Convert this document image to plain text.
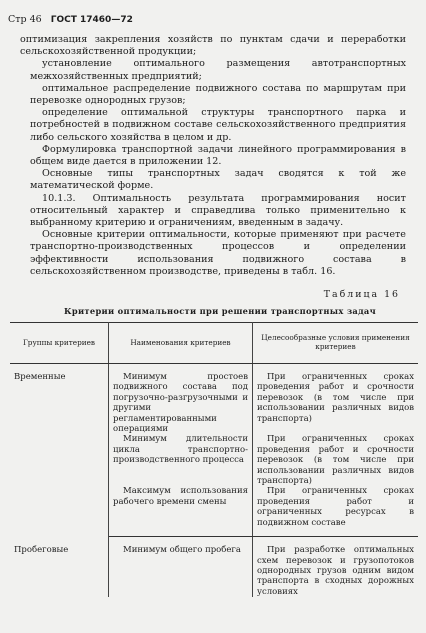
Стр 46 ГОСТ 17460—72

оптимизация закрепления хозяйств по пунктам сдачи и переработки сельскохозяйственной продукции;

установление оптимального размещения автотранспортных межхозяйственных предприятий;

оптимальное распределение подвижного состава по маршрутам при перевозке однородных грузов;

определение оптимальной структуры транспортного парка и потребностей в подвижном составе сельскохозяйственного предприятия либо сельского хозяйства в целом и др.

Формулировка транспортной задачи линейного программирования в общем виде дается в приложении 12.

Основные типы транспортных задач сводятся к той же математической форме.

10.1.3. Оптимальность результата программирования носит относительный характер и справедлива только применительно к выбранному критерию и ограничениям, введенным в задачу.

Основные критерии оптимальности, которые применяют при расчете транспортно-производственных процессов и определении эффективности использования подвижного состава в сельскохозяйственном производстве, приведены в табл. 16.

Таблица 16
Критерии оптимальности при решении транспортных задач
Группы критериев	Наименования критериев	Целесообразные условия применения критериев
Временные	Минимум простоев подвижного состава под погрузочно-разгрузочными и другими регламентированными операциями	При ограниченных сроках проведения работ и срочности перевозок (в том числе при использовании различных видов транспорта)

	Минимум длительности цикла транспортно-производственного процесса	При ограниченных сроках проведения работ и срочности перевозок (в том числе при использовании различных видов транспорта)

	Максимум использования рабочего времени смены	При ограниченных сроках проведения работ и ограниченных ресурсах в подвижном составе

Пробеговые	Минимум общего пробега	При разработке оптимальных схем перевозок и грузопотоков однородных грузов одним видом транспорта в сходных дорожных условиях
